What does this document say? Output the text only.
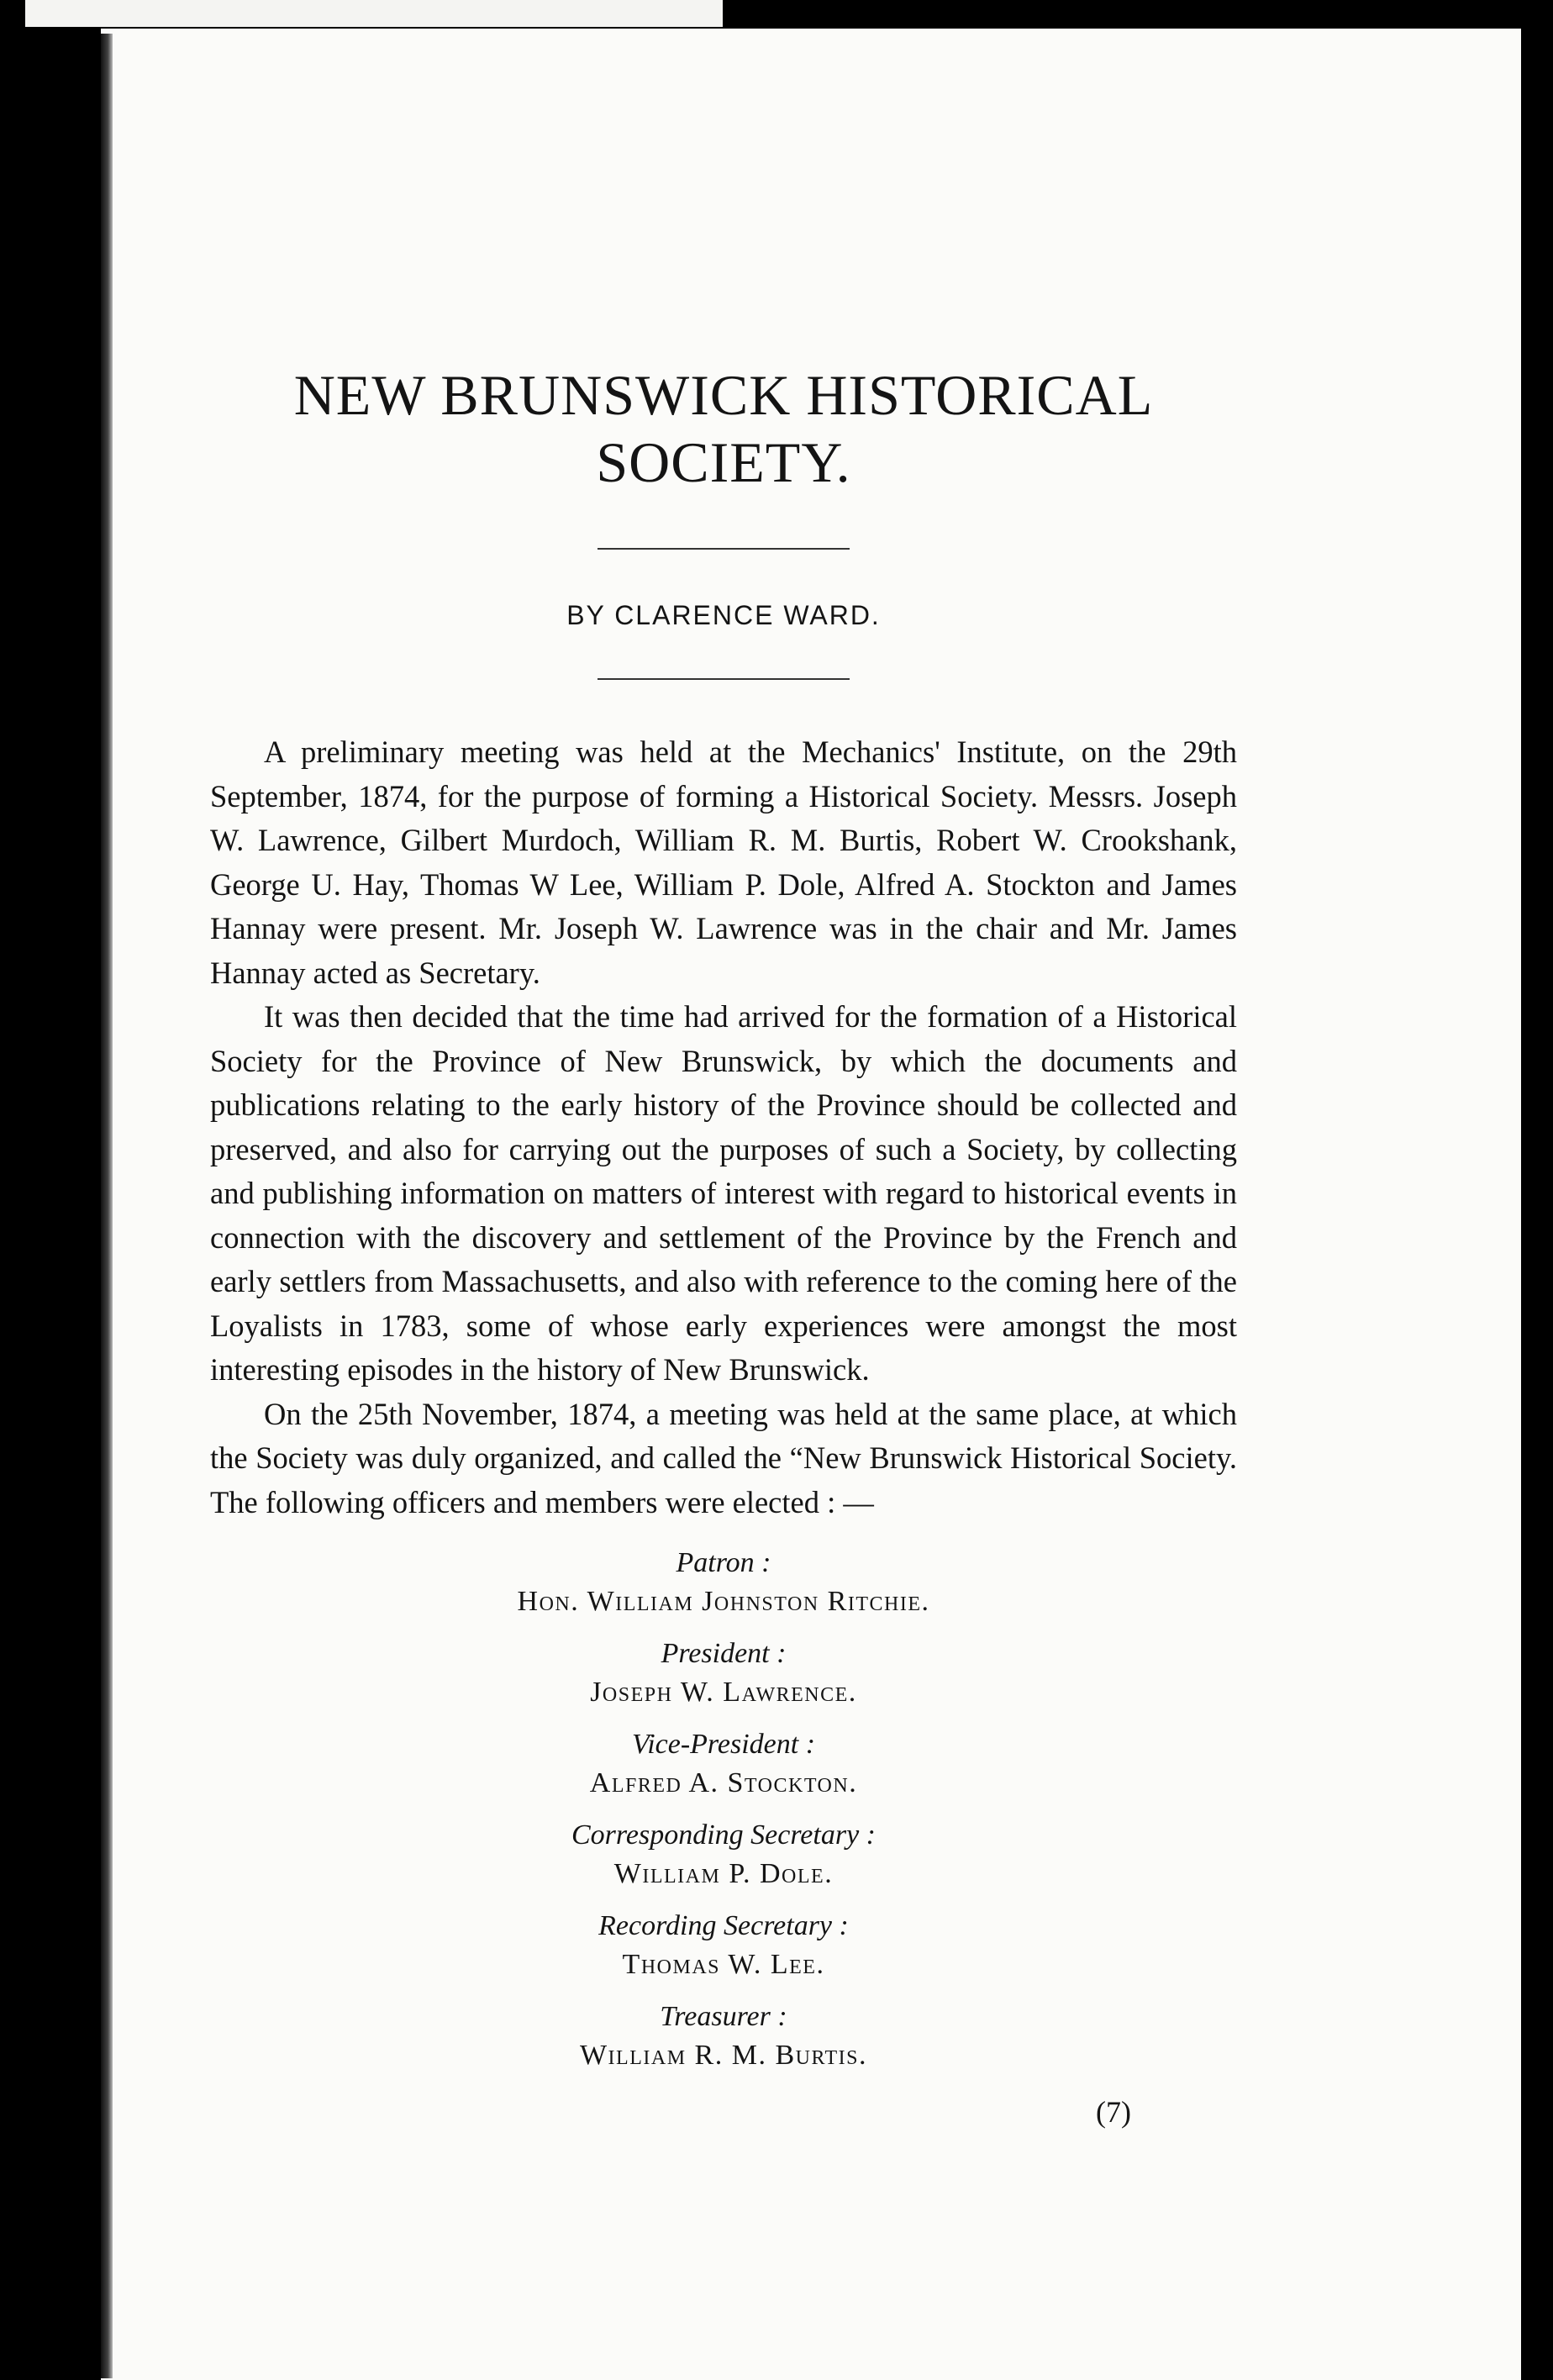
NEW BRUNSWICK HISTORICAL SOCIETY.
BY CLARENCE WARD.

A preliminary meeting was held at the Mechanics' Institute, on the 29th September, 1874, for the purpose of forming a Historical Society. Messrs. Joseph W. Lawrence, Gilbert Murdoch, William R. M. Burtis, Robert W. Crookshank, George U. Hay, Thomas W Lee, William P. Dole, Alfred A. Stockton and James Hannay were present. Mr. Joseph W. Lawrence was in the chair and Mr. James Hannay acted as Secretary.

It was then decided that the time had arrived for the formation of a Historical Society for the Province of New Brunswick, by which the documents and publications relating to the early history of the Province should be collected and preserved, and also for carrying out the purposes of such a Society, by collecting and publishing information on matters of interest with regard to historical events in connection with the discovery and settlement of the Province by the French and early settlers from Massachusetts, and also with reference to the coming here of the Loyalists in 1783, some of whose early experiences were amongst the most interesting episodes in the history of New Brunswick.

On the 25th November, 1874, a meeting was held at the same place, at which the Society was duly organized, and called the “New Brunswick Historical Society. The following officers and members were elected : —

Patron :
Hon. William Johnston Ritchie.
President :
Joseph W. Lawrence.
Vice-President :
Alfred A. Stockton.
Corresponding Secretary :
William P. Dole.
Recording Secretary :
Thomas W. Lee.
Treasurer :
William R. M. Burtis.
(7)
